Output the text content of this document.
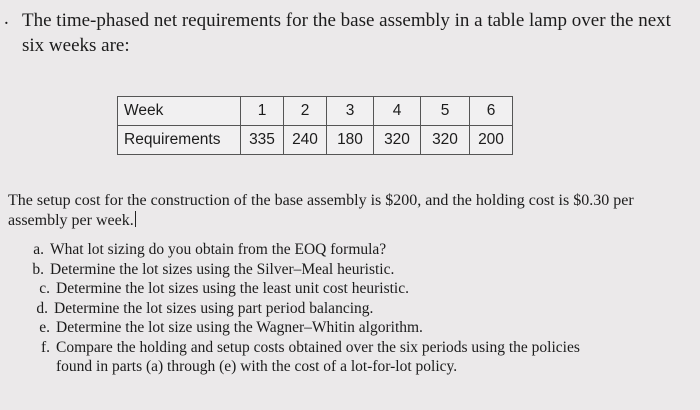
. The time-phased net requirements for the base assembly in a table lamp over the next six weeks are:

Week	1	2	3	4	5	6
Requirements	335	240	180	320	320	200

The setup cost for the construction of the base assembly is $200, and the holding cost is $0.30 per assembly per week.

a. What lot sizing do you obtain from the EOQ formula?
b. Determine the lot sizes using the Silver–Meal heuristic.
c. Determine the lot sizes using the least unit cost heuristic.
d. Determine the lot sizes using part period balancing.
e. Determine the lot size using the Wagner–Whitin algorithm.
f. Compare the holding and setup costs obtained over the six periods using the policies
found in parts (a) through (e) with the cost of a lot-for-lot policy.
